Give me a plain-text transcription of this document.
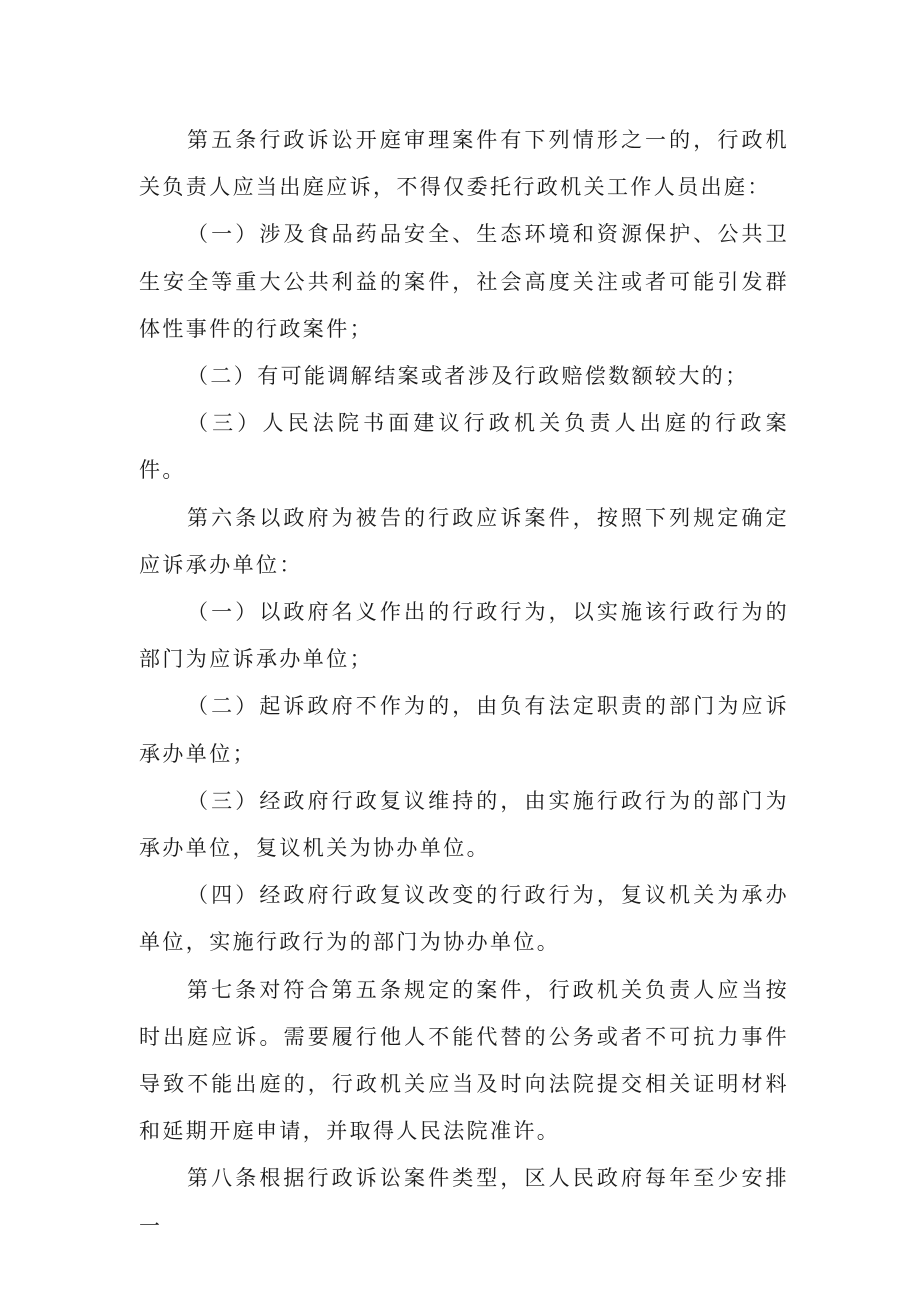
第五条行政诉讼开庭审理案件有下列情形之一的，行政机关负责人应当出庭应诉，不得仅委托行政机关工作人员出庭：

（一）涉及食品药品安全、生态环境和资源保护、公共卫生安全等重大公共利益的案件，社会高度关注或者可能引发群体性事件的行政案件；

（二）有可能调解结案或者涉及行政赔偿数额较大的；

（三）人民法院书面建议行政机关负责人出庭的行政案件。

第六条以政府为被告的行政应诉案件，按照下列规定确定应诉承办单位：

（一）以政府名义作出的行政行为，以实施该行政行为的部门为应诉承办单位；

（二）起诉政府不作为的，由负有法定职责的部门为应诉承办单位；

（三）经政府行政复议维持的，由实施行政行为的部门为承办单位，复议机关为协办单位。

（四）经政府行政复议改变的行政行为，复议机关为承办单位，实施行政行为的部门为协办单位。

第七条对符合第五条规定的案件，行政机关负责人应当按时出庭应诉。需要履行他人不能代替的公务或者不可抗力事件导致不能出庭的，行政机关应当及时向法院提交相关证明材料和延期开庭申请，并取得人民法院准许。

第八条根据行政诉讼案件类型，区人民政府每年至少安排一
